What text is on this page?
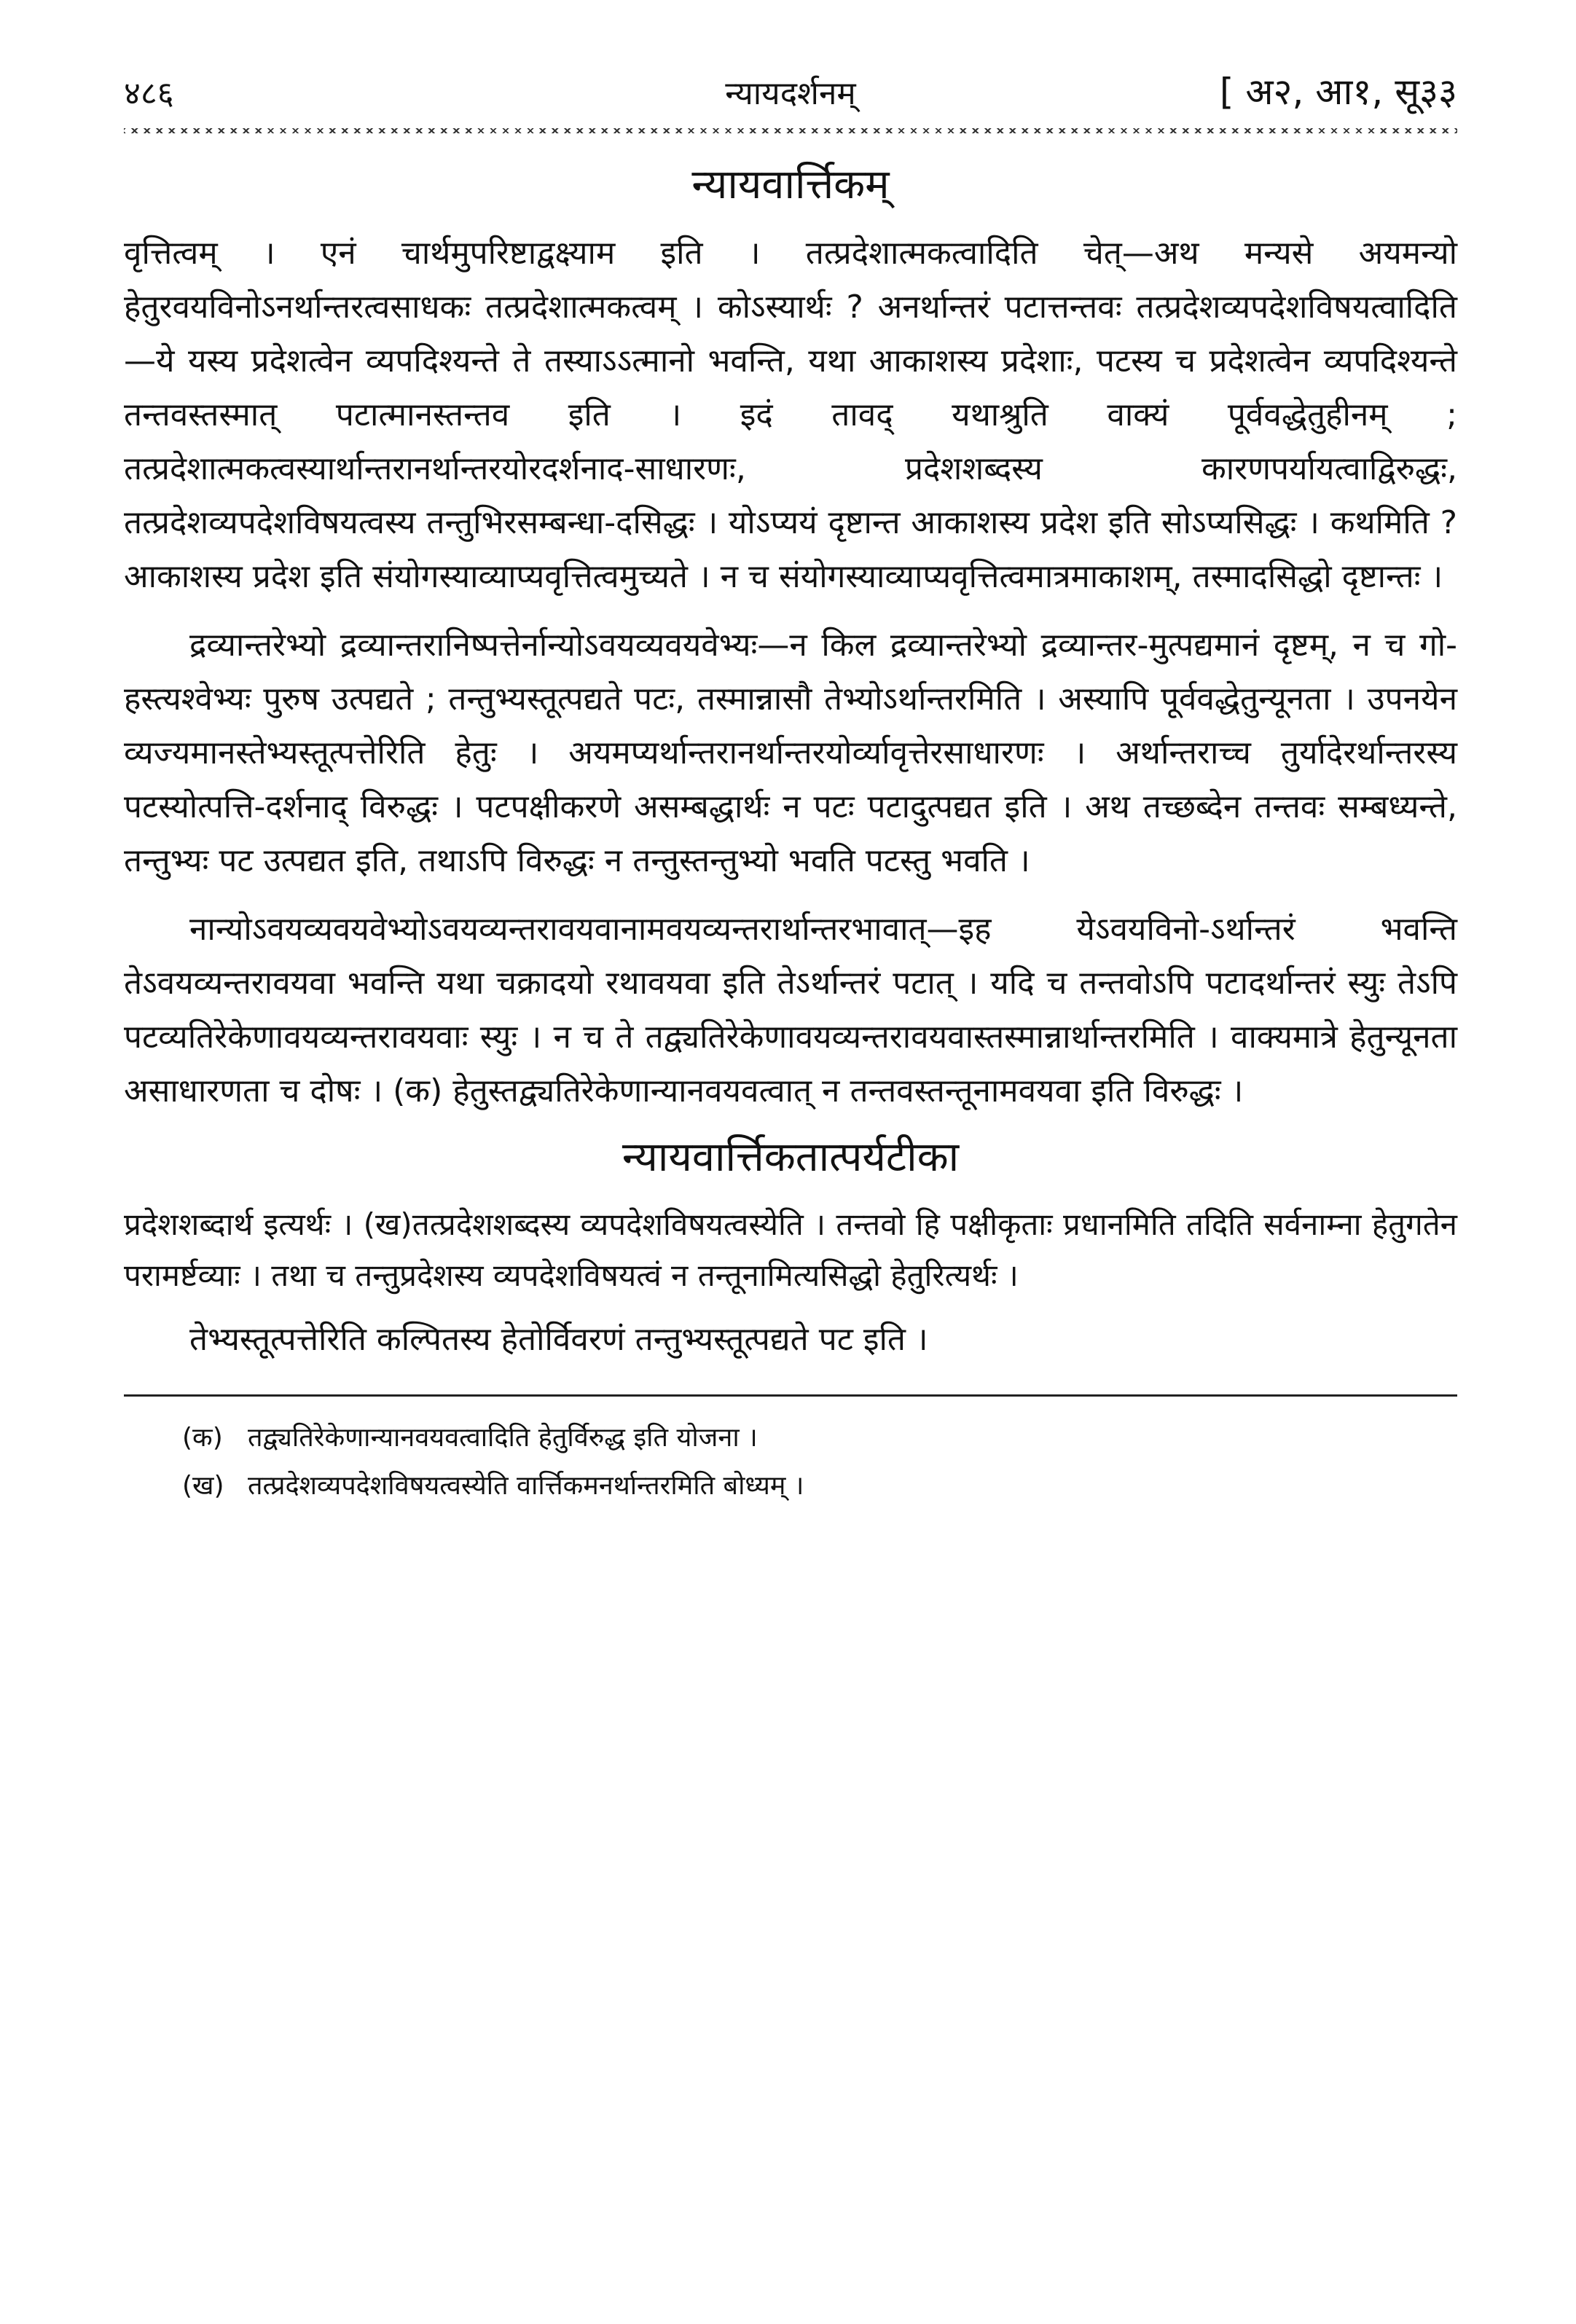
४८६	न्यायदर्शनम्	[ अ२, आ१, सू३३
न्यायवार्त्तिकम्

वृत्तित्वम् । एनं चार्थमुपरिष्टाद्वक्ष्याम इति । तत्प्रदेशात्मकत्वादिति चेत्—अथ मन्यसे अयमन्यो हेतुरवयविनोऽनर्थान्तरत्वसाधकः तत्प्रदेशात्मकत्वम् । कोऽस्यार्थः ? अनर्थान्तरं पटात्तन्तवः तत्प्रदेशव्यपदेशविषयत्वादिति—ये यस्य प्रदेशत्वेन व्यपदिश्यन्ते ते तस्याऽऽत्मानो भवन्ति, यथा आकाशस्य प्रदेशाः, पटस्य च प्रदेशत्वेन व्यपदिश्यन्ते तन्तवस्तस्मात् पटात्मानस्तन्तव इति । इदं तावद् यथाश्रुति वाक्यं पूर्ववद्धेतुहीनम् ; तत्प्रदेशात्मकत्वस्यार्थान्तरानर्थान्तरयोरदर्शनाद-साधारणः, प्रदेशशब्दस्य कारणपर्यायत्वाद्विरुद्धः, तत्प्रदेशव्यपदेशविषयत्वस्य तन्तुभिरसम्बन्धा-दसिद्धः । योऽप्ययं दृष्टान्त आकाशस्य प्रदेश इति सोऽप्यसिद्धः । कथमिति ? आकाशस्य प्रदेश इति संयोगस्याव्याप्यवृत्तित्वमुच्यते । न च संयोगस्याव्याप्यवृत्तित्वमात्रमाकाशम्, तस्मादसिद्धो दृष्टान्तः ।

द्रव्यान्तरेभ्यो द्रव्यान्तरानिष्पत्तेर्नान्योऽवयव्यवयवेभ्यः—न किल द्रव्यान्तरेभ्यो द्रव्यान्तर-मुत्पद्यमानं दृष्टम्, न च गो-हस्त्यश्वेभ्यः पुरुष उत्पद्यते ; तन्तुभ्यस्तूत्पद्यते पटः, तस्मान्नासौ तेभ्योऽर्थान्तरमिति । अस्यापि पूर्ववद्धेतुन्यूनता । उपनयेन व्यज्यमानस्तेभ्यस्तूत्पत्तेरिति हेतुः । अयमप्यर्थान्तरानर्थान्तरयोर्व्यावृत्तेरसाधारणः । अर्थान्तराच्च तुर्यादेरर्थान्तरस्य पटस्योत्पत्ति-दर्शनाद् विरुद्धः । पटपक्षीकरणे असम्बद्धार्थः न पटः पटादुत्पद्यत इति । अथ तच्छब्देन तन्तवः सम्बध्यन्ते, तन्तुभ्यः पट उत्पद्यत इति, तथाऽपि विरुद्धः न तन्तुस्तन्तुभ्यो भवति पटस्तु भवति ।

नान्योऽवयव्यवयवेभ्योऽवयव्यन्तरावयवानामवयव्यन्तरार्थान्तरभावात्—इह येऽवयविनो-ऽर्थान्तरं भवन्ति तेऽवयव्यन्तरावयवा भवन्ति यथा चक्रादयो रथावयवा इति तेऽर्थान्तरं पटात् । यदि च तन्तवोऽपि पटादर्थान्तरं स्युः तेऽपि पटव्यतिरेकेणावयव्यन्तरावयवाः स्युः । न च ते तद्व्यतिरेकेणावयव्यन्तरावयवास्तस्मान्नार्थान्तरमिति । वाक्यमात्रे हेतुन्यूनता असाधारणता च दोषः । (क) हेतुस्तद्व्यतिरेकेणान्यानवयवत्वात् न तन्तवस्तन्तूनामवयवा इति विरुद्धः ।

न्यायवार्त्तिकतात्पर्यटीका

प्रदेशशब्दार्थ इत्यर्थः । (ख)तत्प्रदेशशब्दस्य व्यपदेशविषयत्वस्येति । तन्तवो हि पक्षीकृताः प्रधानमिति तदिति सर्वनाम्ना हेतुगतेन परामर्ष्टव्याः । तथा च तन्तुप्रदेशस्य व्यपदेशविषयत्वं न तन्तूनामित्यसिद्धो हेतुरित्यर्थः ।

तेभ्यस्तूत्पत्तेरिति कल्पितस्य हेतोर्विवरणं तन्तुभ्यस्तूत्पद्यते पट इति ।

(क) तद्व्यतिरेकेणान्यानवयवत्वादिति हेतुर्विरुद्ध इति योजना ।

(ख) तत्प्रदेशव्यपदेशविषयत्वस्येति वार्त्तिकमनर्थान्तरमिति बोध्यम् ।
